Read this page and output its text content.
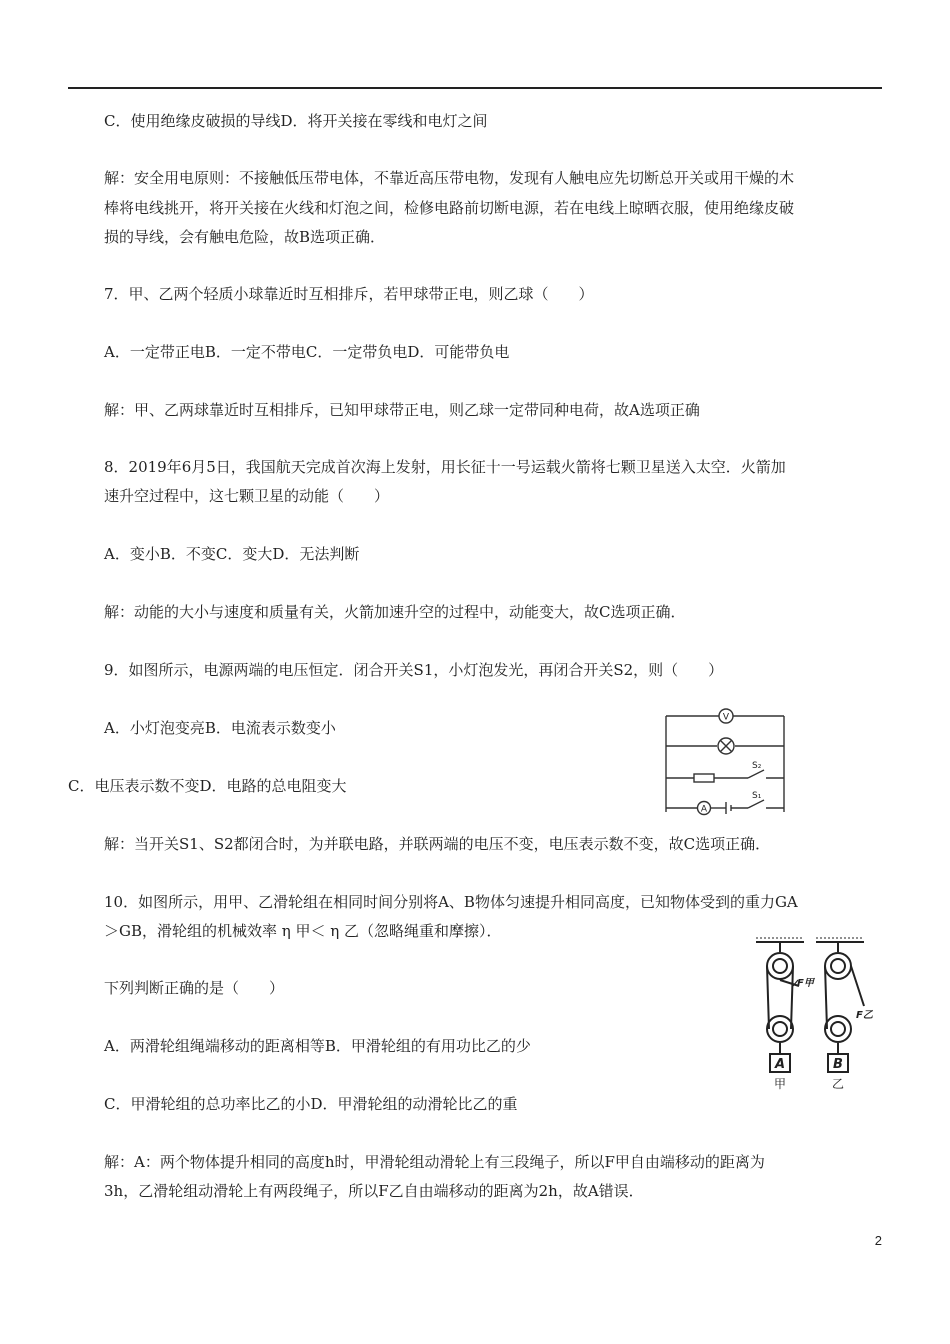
C．使用绝缘皮破损的导线D．将开关接在零线和电灯之间
解：安全用电原则：不接触低压带电体，不靠近高压带电物，发现有人触电应先切断总开关或用干燥的木
棒将电线挑开，将开关接在火线和灯泡之间，检修电路前切断电源，若在电线上晾晒衣服，使用绝缘皮破
损的导线，会有触电危险，故B选项正确．
7．甲、乙两个轻质小球靠近时互相排斥，若甲球带正电，则乙球（　　）
A．一定带正电B．一定不带电C．一定带负电D．可能带负电
解：甲、乙两球靠近时互相排斥，已知甲球带正电，则乙球一定带同种电荷，故A选项正确
8．2019年6月5日，我国航天完成首次海上发射，用长征十一号运载火箭将七颗卫星送入太空．火箭加
速升空过程中，这七颗卫星的动能（　　）
A．变小B．不变C．变大D．无法判断
解：动能的大小与速度和质量有关，火箭加速升空的过程中，动能变大，故C选项正确．
9．如图所示，电源两端的电压恒定．闭合开关S1，小灯泡发光，再闭合开关S2，则（　　）
A．小灯泡变亮B．电流表示数变小
C．电压表示数不变D．电路的总电阻变大
解：当开关S1、S2都闭合时，为并联电路，并联两端的电压不变，电压表示数不变，故C选项正确．
10．如图所示，用甲、乙滑轮组在相同时间分别将A、B物体匀速提升相同高度，已知物体受到的重力GA
＞GB，滑轮组的机械效率 η 甲＜ η 乙（忽略绳重和摩擦）．
下列判断正确的是（　　）
A．两滑轮组绳端移动的距离相等B．甲滑轮组的有用功比乙的少
C．甲滑轮组的总功率比乙的小D．甲滑轮组的动滑轮比乙的重
解：A：两个物体提升相同的高度h时，甲滑轮组动滑轮上有三段绳子，所以F甲自由端移动的距离为
3h，乙滑轮组动滑轮上有两段绳子，所以F乙自由端移动的距离为2h，故A错误．
V
S₂
A
S₁
F甲
A
甲
F乙
B
乙
2
